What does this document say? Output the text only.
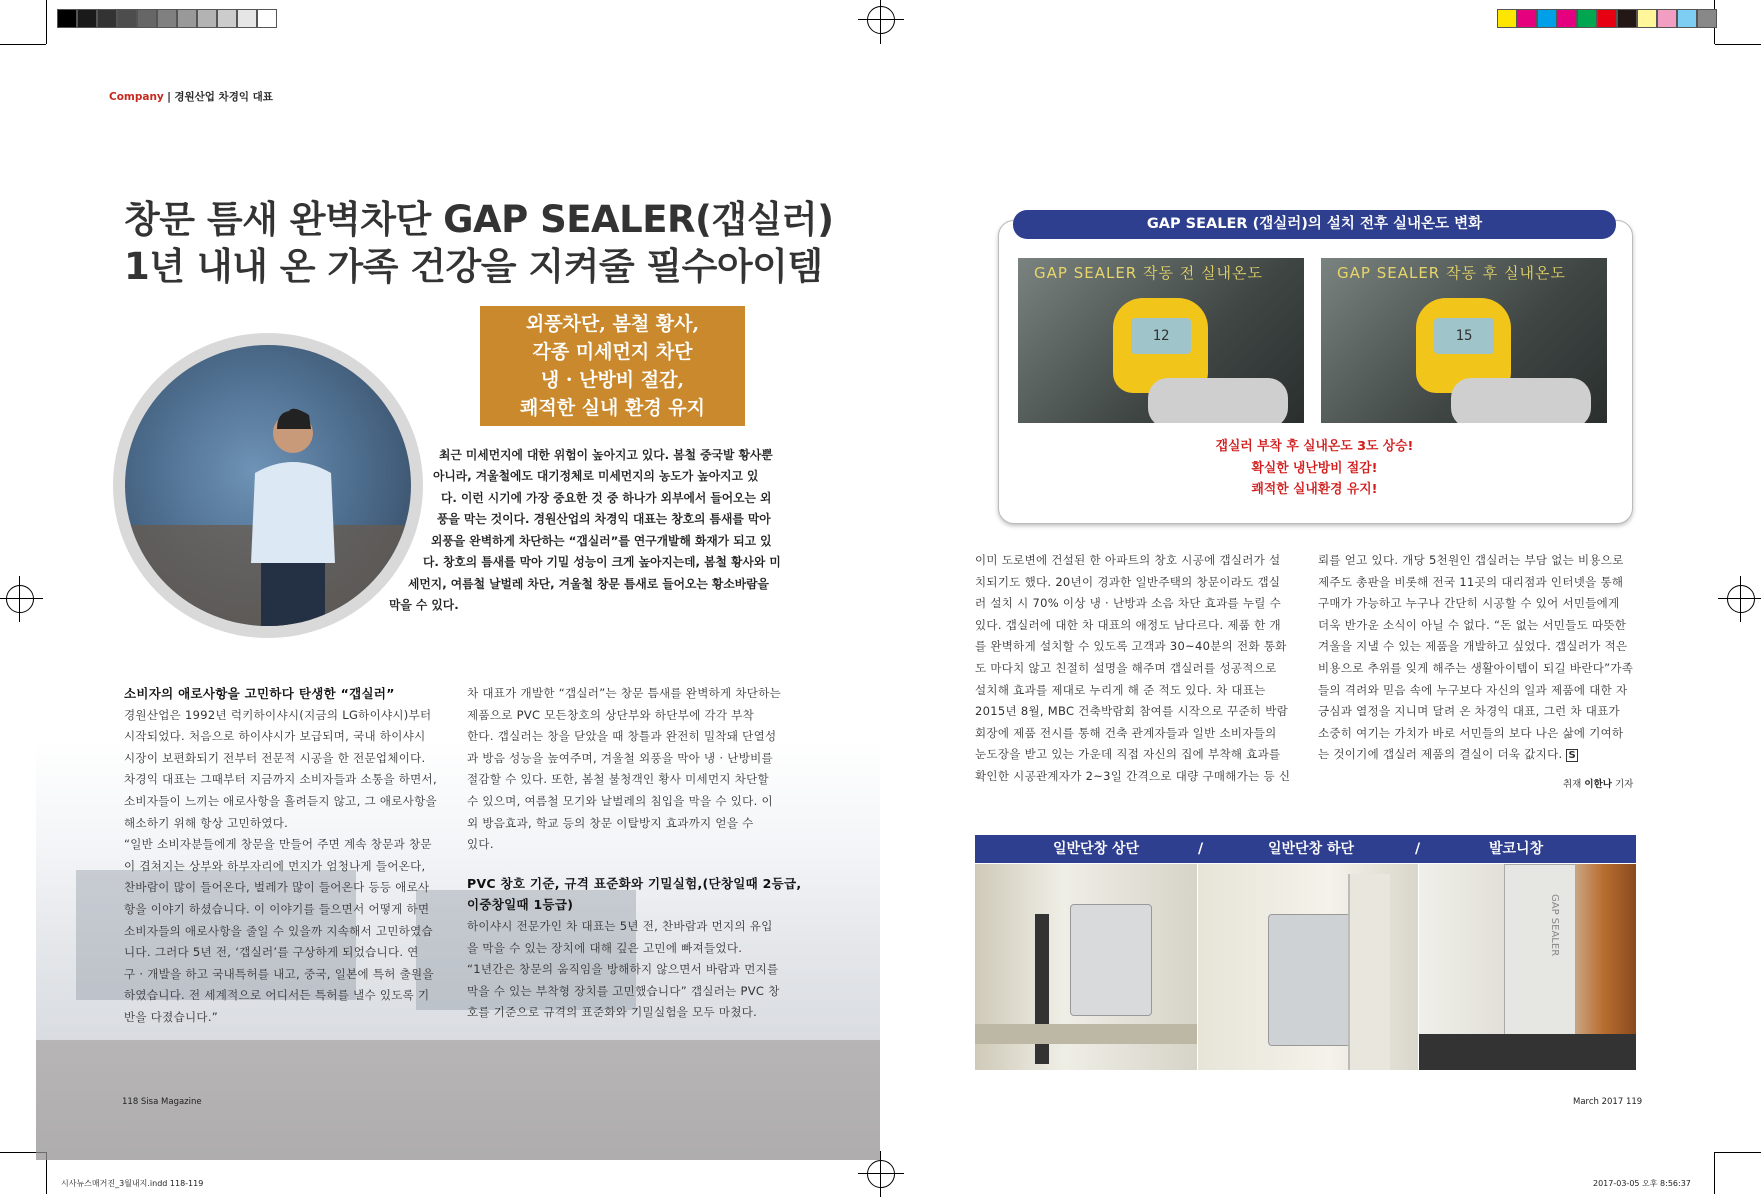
Company | 경원산업 차경익 대표
창문 틈새 완벽차단 GAP SEALER(갭실러)
1년 내내 온 가족 건강을 지켜줄 필수아이템
외풍차단, 봄철 황사,
각종 미세먼지 차단
냉 · 난방비 절감,
쾌적한 실내 환경 유지
최근 미세먼지에 대한 위험이 높아지고 있다. 봄철 중국발 황사뿐
아니라, 겨울철에도 대기정체로 미세먼지의 농도가 높아지고 있
다. 이런 시기에 가장 중요한 것 중 하나가 외부에서 들어오는 외
풍을 막는 것이다. 경원산업의 차경익 대표는 창호의 틈새를 막아
외풍을 완벽하게 차단하는 “갭실러”를 연구개발해 화재가 되고 있
다. 창호의 틈새를 막아 기밀 성능이 크게 높아지는데, 봄철 황사와 미
세먼지, 여름철 날벌레 차단, 겨울철 창문 틈새로 들어오는 황소바람을
막을 수 있다.
소비자의 애로사항을 고민하다 탄생한 “갭실러”
경원산업은 1992년 럭키하이샤시(지금의 LG하이샤시)부터
시작되었다. 처음으로 하이샤시가 보급되며, 국내 하이샤시
시장이 보편화되기 전부터 전문적 시공을 한 전문업체이다.
차경익 대표는 그때부터 지금까지 소비자들과 소통을 하면서,
소비자들이 느끼는 애로사항을 흘려듣지 않고, 그 애로사항을
해소하기 위해 항상 고민하였다.
“일반 소비자분들에게 창문을 만들어 주면 계속 창문과 창문
이 겹쳐지는 상부와 하부자리에 먼지가 엄청나게 들어온다,
찬바람이 많이 들어온다, 벌레가 많이 들어온다 등등 애로사
항을 이야기 하셨습니다. 이 이야기를 들으면서 어떻게 하면
소비자들의 애로사항을 줄일 수 있을까 지속해서 고민하였습
니다. 그러다 5년 전, ‘갭실러’를 구상하게 되었습니다. 연
구 · 개발을 하고 국내특허를 내고, 중국, 일본에 특허 출원을
하였습니다. 전 세계적으로 어디서든 특허를 낼수 있도록 기
반을 다졌습니다.”
차 대표가 개발한 “갭실러”는 창문 틈새를 완벽하게 차단하는
제품으로 PVC 모든창호의 상단부와 하단부에 각각 부착
한다. 갭실러는 창을 닫았을 때 창틀과 완전히 밀착돼 단열성
과 방음 성능을 높여주며, 겨울철 외풍을 막아 냉 · 난방비를
절감할 수 있다. 또한, 봄철 불청객인 황사 미세먼지 차단할
수 있으며, 여름철 모기와 날벌레의 침입을 막을 수 있다. 이
외 방음효과, 학교 등의 창문 이탈방지 효과까지 얻을 수
있다.
PVC 창호 기준, 규격 표준화와 기밀실험,(단창일때 2등급,
이중창일때 1등급)
하이샤시 전문가인 차 대표는 5년 전, 찬바람과 먼지의 유입
을 막을 수 있는 장치에 대해 깊은 고민에 빠져들었다.
“1년간은 창문의 움직임을 방해하지 않으면서 바람과 먼지를
막을 수 있는 부착형 장치를 고민했습니다” 갭실러는 PVC 창
호를 기준으로 규격의 표준화와 기밀실험을 모두 마쳤다.
118 Sisa Magazine
GAP SEALER (갭실러)의 설치 전후 실내온도 변화
GAP SEALER 작동 전 실내온도
12
GAP SEALER 작동 후 실내온도
15
갭실러 부착 후 실내온도 3도 상승!
확실한 냉난방비 절감!
쾌적한 실내환경 유지!
이미 도로변에 건설된 한 아파트의 창호 시공에 갭실러가 설
치되기도 했다. 20년이 경과한 일반주택의 창문이라도 갭실
러 설치 시 70% 이상 냉 · 난방과 소음 차단 효과를 누릴 수
있다. 갭실러에 대한 차 대표의 애정도 남다르다. 제품 한 개
를 완벽하게 설치할 수 있도록 고객과 30~40분의 전화 통화
도 마다치 않고 친절히 설명을 해주며 갭실러를 성공적으로
설치해 효과를 제대로 누리게 해 준 적도 있다. 차 대표는
2015년 8월, MBC 건축박람회 참여를 시작으로 꾸준히 박람
회장에 제품 전시를 통해 건축 관계자들과 일반 소비자들의
눈도장을 받고 있는 가운데 직접 자신의 집에 부착해 효과를
확인한 시공관계자가 2~3일 간격으로 대량 구매해가는 등 신
뢰를 얻고 있다. 개당 5천원인 갭실러는 부담 없는 비용으로
제주도 총판을 비롯해 전국 11곳의 대리점과 인터넷을 통해
구매가 가능하고 누구나 간단히 시공할 수 있어 서민들에게
더욱 반가운 소식이 아닐 수 없다. “돈 없는 서민들도 따뜻한
겨울을 지낼 수 있는 제품을 개발하고 싶었다. 갭실러가 적은
비용으로 추위를 잊게 해주는 생활아이템이 되길 바란다”가족
들의 격려와 믿음 속에 누구보다 자신의 일과 제품에 대한 자
긍심과 열정을 지니며 달려 온 차경익 대표, 그런 차 대표가
소중히 여기는 가치가 바로 서민들의 보다 나은 삶에 기여하
는 것이기에 갭실러 제품의 결실이 더욱 값지다. S
취재 이한나 기자
일반단창 상단	/	일반단창 하단	/	발코니창
GAP SEALER
March 2017 119
시사뉴스매거진_3월내지.indd 118-119	2017-03-05 오후 8:56:37
